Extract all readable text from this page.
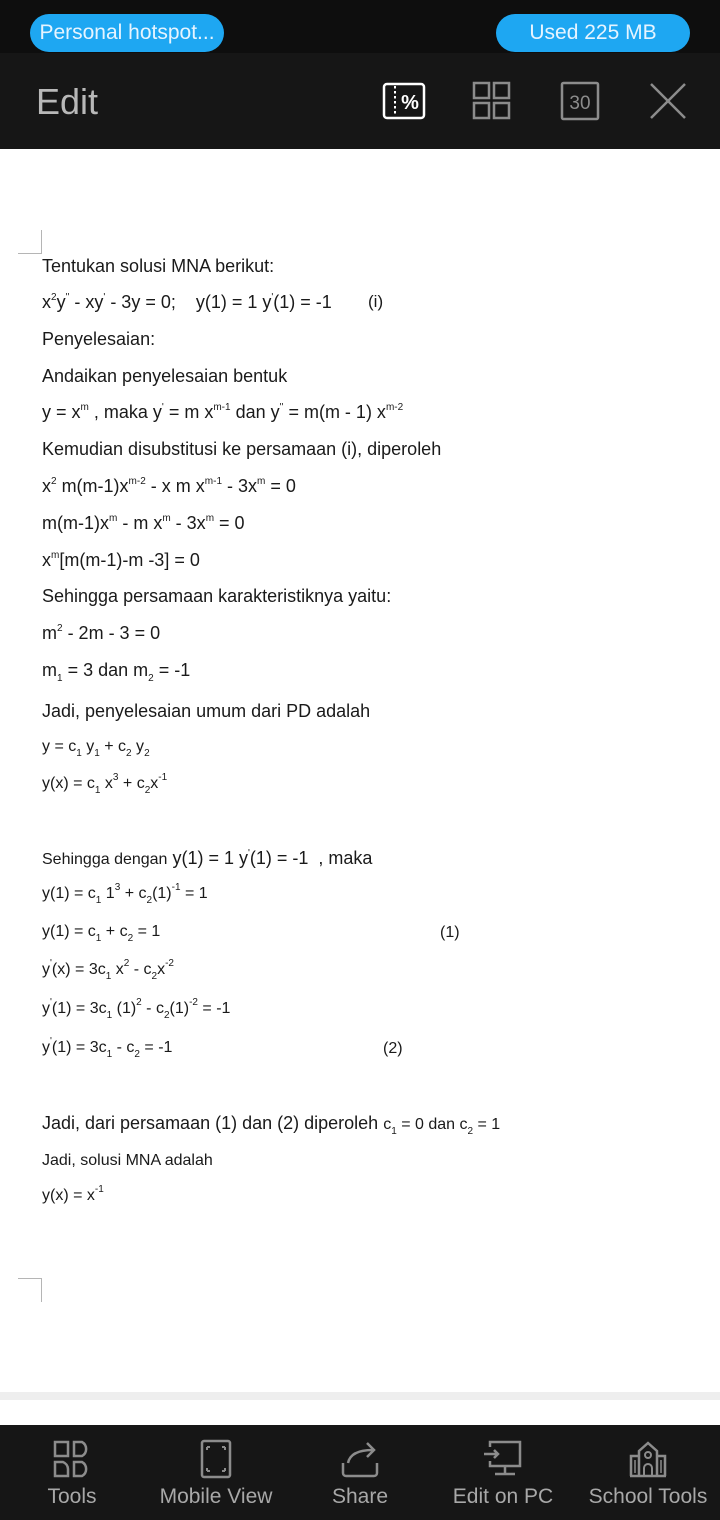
Personal hotspot...	Used 225 MB
Edit	%	30
Tentukan solusi MNA berikut:
$x^2y'' - xy' - 3y = 0$;    y(1) = 1 y'(1) = -1 (i)
Penyelesaian:
Andaikan penyelesaian bentuk
$y = x^m$ , maka y' = m $x^{m-1}$ dan y'' = m(m - 1) $x^{m-2}$
Kemudian disubstitusi ke persamaan (i), diperoleh
$x^2$ $m(m-1)x^{m-2}$ - x m $x^{m-1} - 3x^m = 0$
$m(m-1)x^m$ - m $x^m - 3x^m = 0$
$x^m[m(m-1)-m$ -3] = 0
Sehingga persamaan karakteristiknya yaitu:
$m^2 - 2m - 3 = 0$
$m_1 = 3$ dan $m_2 = -1$
Jadi, penyelesaian umum dari PD adalah
$y = c_1$ $y_1 + c_2$ $y_2$
$y(x) = c_1$ $x^3 + c_2x^{-1}$
Sehingga dengan y(1) = 1 y'(1) = -1  , maka
$y(1) = c_1$ $1^3 + c_2(1)^{-1} = 1$
$y(1) = c_1 + c_2 = 1$	(1)
$y'(x) = 3c_1$ $x^2 - c_2x^{-2}$
$y'(1) = 3c_1$ $(1)^2 - c_2(1)^{-2} = -1$
$y'(1) = 3c_1 - c_2 = -1$	(2)
Jadi, dari persamaan (1) dan (2) diperoleh $c_1 = 0$ dan $c_2 = 1$
Jadi, solusi MNA adalah
$y(x) = x^{-1}$
Tools	Mobile View	Share	Edit on PC School Tools
